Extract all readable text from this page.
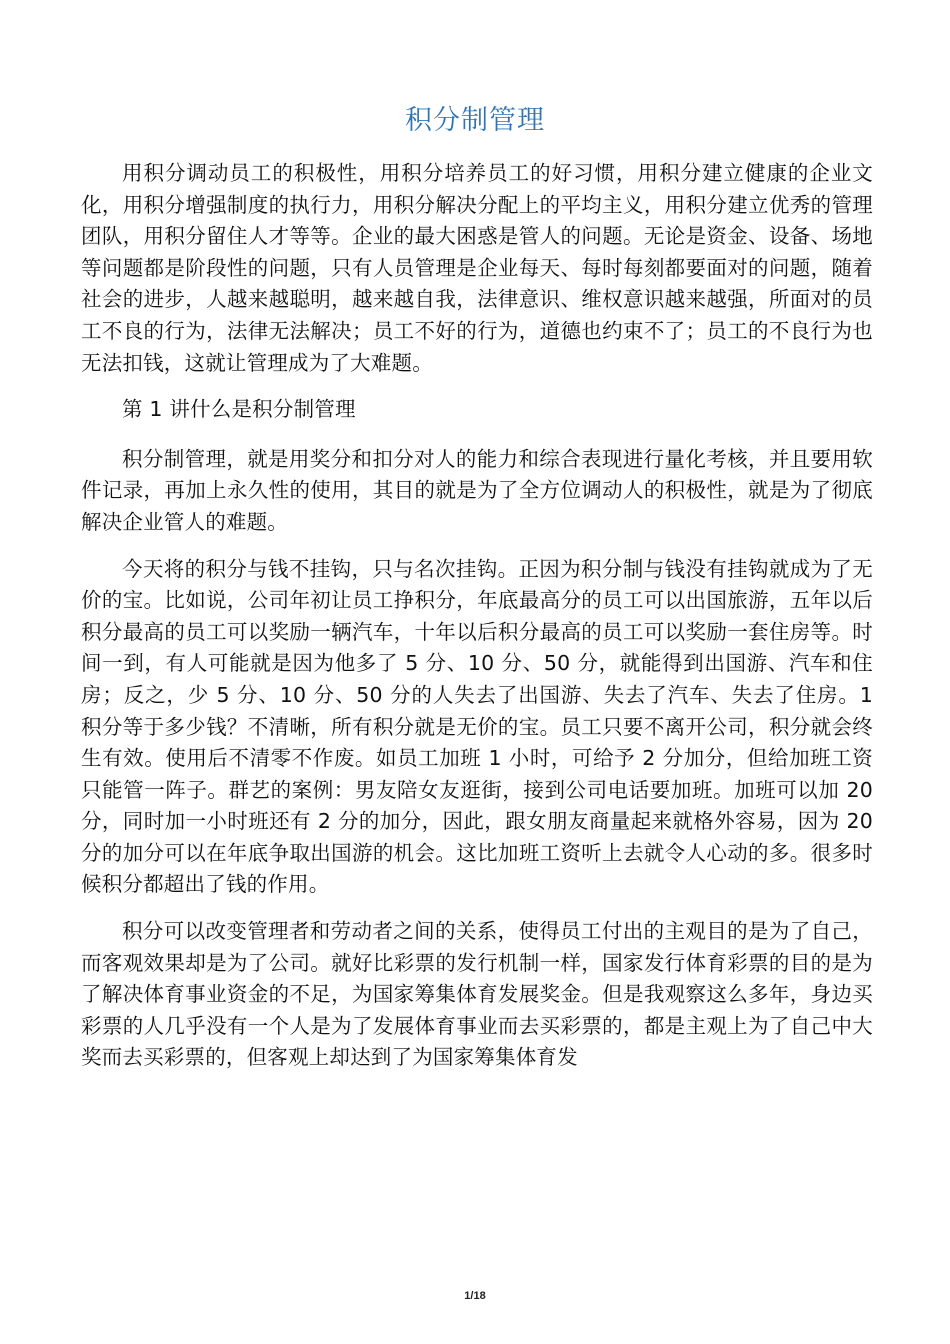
积分制管理

用积分调动员工的积极性，用积分培养员工的好习惯，用积分建立健康的企业文化，用积分增强制度的执行力，用积分解决分配上的平均主义，用积分建立优秀的管理团队，用积分留住人才等等。企业的最大困惑是管人的问题。无论是资金、设备、场地等问题都是阶段性的问题，只有人员管理是企业每天、每时每刻都要面对的问题，随着社会的进步，人越来越聪明，越来越自我，法律意识、维权意识越来越强，所面对的员工不良的行为，法律无法解决；员工不好的行为，道德也约束不了；员工的不良行为也无法扣钱，这就让管理成为了大难题。

第 1 讲什么是积分制管理

积分制管理，就是用奖分和扣分对人的能力和综合表现进行量化考核，并且要用软件记录，再加上永久性的使用，其目的就是为了全方位调动人的积极性，就是为了彻底解决企业管人的难题。

今天将的积分与钱不挂钩，只与名次挂钩。正因为积分制与钱没有挂钩就成为了无价的宝。比如说，公司年初让员工挣积分，年底最高分的员工可以出国旅游，五年以后积分最高的员工可以奖励一辆汽车，十年以后积分最高的员工可以奖励一套住房等。时间一到，有人可能就是因为他多了 5 分、10 分、50 分，就能得到出国游、汽车和住房；反之，少 5 分、10 分、50 分的人失去了出国游、失去了汽车、失去了住房。1 积分等于多少钱？不清晰，所有积分就是无价的宝。员工只要不离开公司，积分就会终生有效。使用后不清零不作废。如员工加班 1 小时，可给予 2 分加分，但给加班工资只能管一阵子。群艺的案例：男友陪女友逛街，接到公司电话要加班。加班可以加 20 分，同时加一小时班还有 2 分的加分，因此，跟女朋友商量起来就格外容易，因为 20 分的加分可以在年底争取出国游的机会。这比加班工资听上去就令人心动的多。很多时候积分都超出了钱的作用。

积分可以改变管理者和劳动者之间的关系，使得员工付出的主观目的是为了自己，而客观效果却是为了公司。就好比彩票的发行机制一样，国家发行体育彩票的目的是为了解决体育事业资金的不足，为国家筹集体育发展奖金。但是我观察这么多年，身边买彩票的人几乎没有一个人是为了发展体育事业而去买彩票的，都是主观上为了自己中大奖而去买彩票的，但客观上却达到了为国家筹集体育发

1/18
